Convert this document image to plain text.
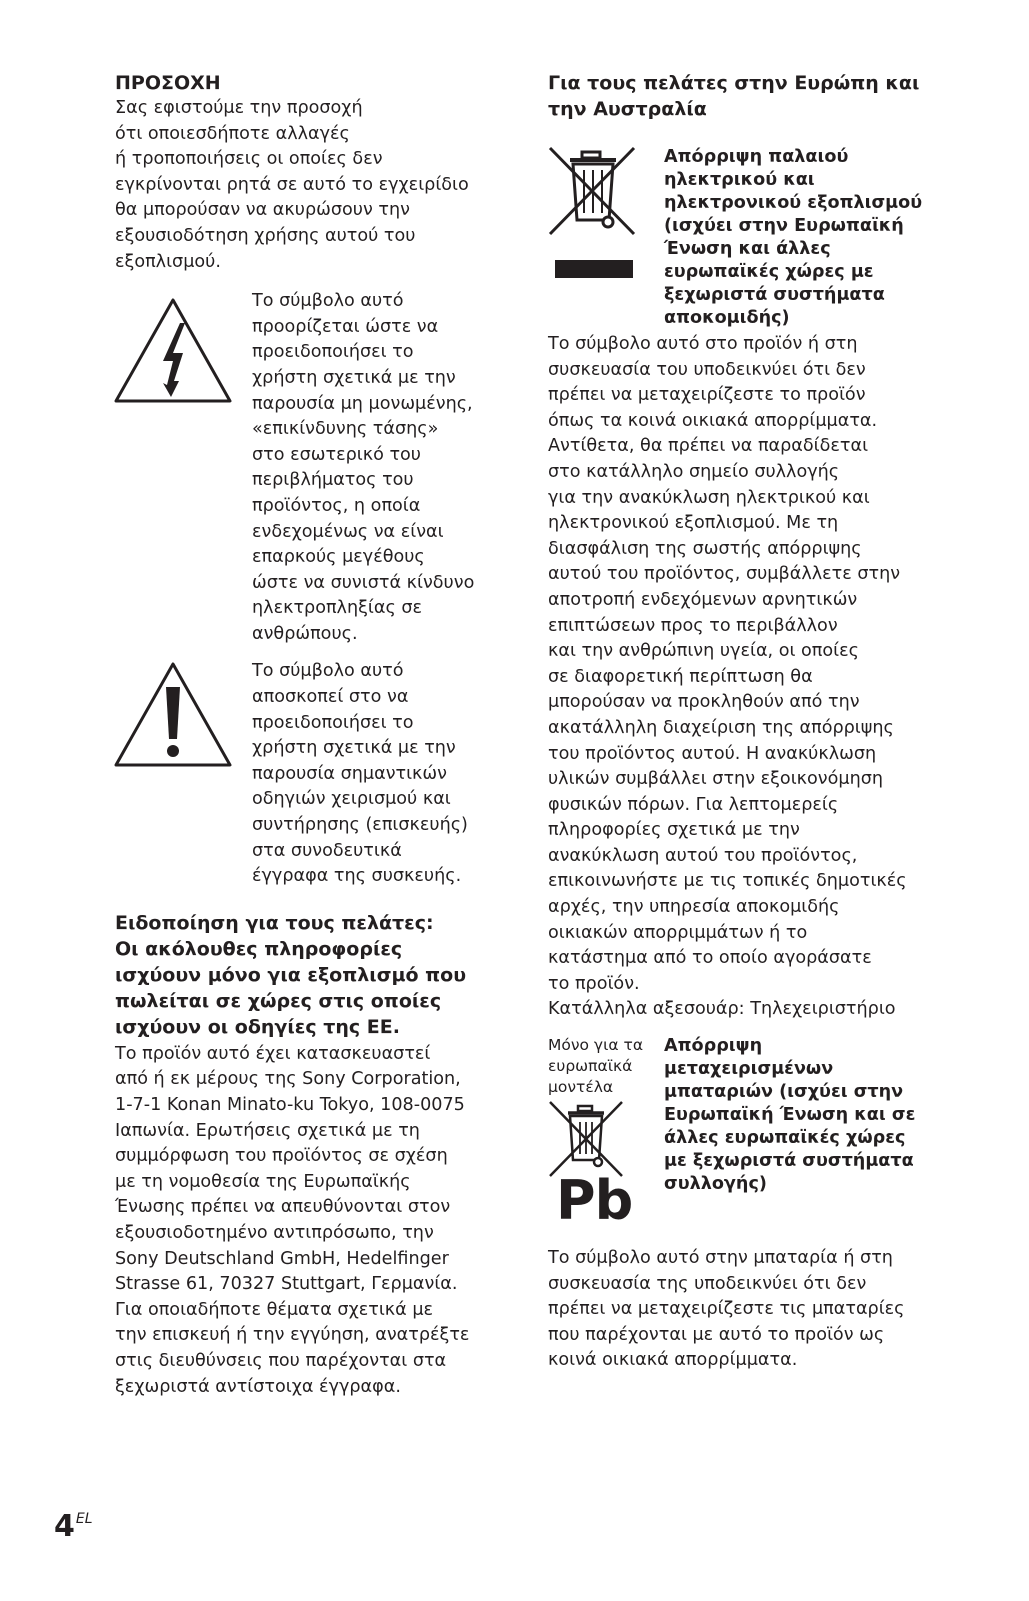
ΠΡΟΣΟΧΗ

Σας εφιστούμε την προσοχή
ότι οποιεσδήποτε αλλαγές
ή τροποποιήσεις οι οποίες δεν
εγκρίνονται ρητά σε αυτό το εγχειρίδιο
θα μπορούσαν να ακυρώσουν την
εξουσιοδότηση χρήσης αυτού του
εξοπλισμού.

Το σύμβολο αυτό
προορίζεται ώστε να
προειδοποιήσει το
χρήστη σχετικά με την
παρουσία μη μονωμένης,
«επικίνδυνης τάσης»
στο εσωτερικό του
περιβλήματος του
προϊόντος, η οποία
ενδεχομένως να είναι
επαρκούς μεγέθους
ώστε να συνιστά κίνδυνο
ηλεκτροπληξίας σε
ανθρώπους.

Το σύμβολο αυτό
αποσκοπεί στο να
προειδοποιήσει το
χρήστη σχετικά με την
παρουσία σημαντικών
οδηγιών χειρισμού και
συντήρησης (επισκευής)
στα συνοδευτικά
έγγραφα της συσκευής.

Ειδοποίηση για τους πελάτες:
Οι ακόλουθες πληροφορίες
ισχύουν μόνο για εξοπλισμό που
πωλείται σε χώρες στις οποίες
ισχύουν οι οδηγίες της ΕΕ.

Το προϊόν αυτό έχει κατασκευαστεί
από ή εκ μέρους της Sony Corporation,
1-7-1 Konan Minato-ku Tokyo, 108-0075
Ιαπωνία. Ερωτήσεις σχετικά με τη
συμμόρφωση του προϊόντος σε σχέση
με τη νομοθεσία της Ευρωπαϊκής
Ένωσης πρέπει να απευθύνονται στον
εξουσιοδοτημένο αντιπρόσωπο, την
Sony Deutschland GmbH, Hedelfinger
Strasse 61, 70327 Stuttgart, Γερμανία.
Για οποιαδήποτε θέματα σχετικά με
την επισκευή ή την εγγύηση, ανατρέξτε
στις διευθύνσεις που παρέχονται στα
ξεχωριστά αντίστοιχα έγγραφα.

Για τους πελάτες στην Ευρώπη και
την Αυστραλία

Απόρριψη παλαιού
ηλεκτρικού και
ηλεκτρονικού εξοπλισμού
(ισχύει στην Ευρωπαϊκή
Ένωση και άλλες
ευρωπαϊκές χώρες με
ξεχωριστά συστήματα
αποκομιδής)

Το σύμβολο αυτό στο προϊόν ή στη
συσκευασία του υποδεικνύει ότι δεν
πρέπει να μεταχειρίζεστε το προϊόν
όπως τα κοινά οικιακά απορρίμματα.
Αντίθετα, θα πρέπει να παραδίδεται
στο κατάλληλο σημείο συλλογής
για την ανακύκλωση ηλεκτρικού και
ηλεκτρονικού εξοπλισμού. Με τη
διασφάλιση της σωστής απόρριψης
αυτού του προϊόντος, συμβάλλετε στην
αποτροπή ενδεχόμενων αρνητικών
επιπτώσεων προς το περιβάλλον
και την ανθρώπινη υγεία, οι οποίες
σε διαφορετική περίπτωση θα
μπορούσαν να προκληθούν από την
ακατάλληλη διαχείριση της απόρριψης
του προϊόντος αυτού. Η ανακύκλωση
υλικών συμβάλλει στην εξοικονόμηση
φυσικών πόρων. Για λεπτομερείς
πληροφορίες σχετικά με την
ανακύκλωση αυτού του προϊόντος,
επικοινωνήστε με τις τοπικές δημοτικές
αρχές, την υπηρεσία αποκομιδής
οικιακών απορριμμάτων ή το
κατάστημα από το οποίο αγοράσατε
το προϊόν.

Κατάλληλα αξεσουάρ: Τηλεχειριστήριο

Μόνο για τα
ευρωπαϊκά
μοντέλα
Pb

Απόρριψη
μεταχειρισμένων
μπαταριών (ισχύει στην
Ευρωπαϊκή Ένωση και σε
άλλες ευρωπαϊκές χώρες
με ξεχωριστά συστήματα
συλλογής)

Το σύμβολο αυτό στην μπαταρία ή στη
συσκευασία της υποδεικνύει ότι δεν
πρέπει να μεταχειρίζεστε τις μπαταρίες
που παρέχονται με αυτό το προϊόν ως
κοινά οικιακά απορρίμματα.

$4^{EL}$
